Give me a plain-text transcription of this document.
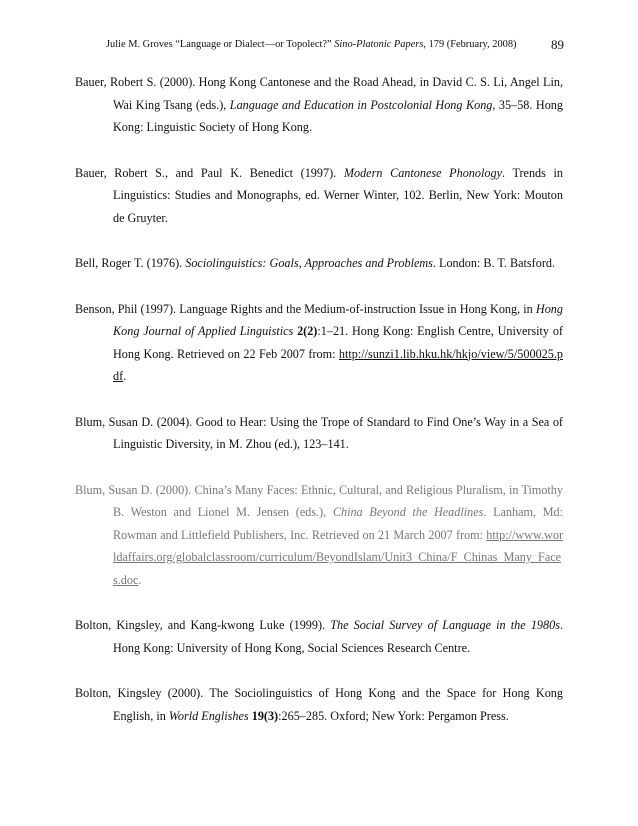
Julie M. Groves “Language or Dialect—or Topolect?” Sino-Platonic Papers, 179 (February, 2008)	89

Bauer, Robert S. (2000). Hong Kong Cantonese and the Road Ahead, in David C. S. Li, Angel Lin, Wai King Tsang (eds.), Language and Education in Postcolonial Hong Kong, 35–58. Hong Kong: Linguistic Society of Hong Kong.

Bauer, Robert S., and Paul K. Benedict (1997). Modern Cantonese Phonology. Trends in Linguistics: Studies and Monographs, ed. Werner Winter, 102. Berlin, New York: Mouton de Gruyter.

Bell, Roger T. (1976). Sociolinguistics: Goals, Approaches and Problems. London: B. T. Batsford.

Benson, Phil (1997). Language Rights and the Medium-of-instruction Issue in Hong Kong, in Hong Kong Journal of Applied Linguistics 2(2):1–21. Hong Kong: English Centre, University of Hong Kong. Retrieved on 22 Feb 2007 from: http://sunzi1.lib.hku.hk/hkjo/view/5/500025.pdf.

Blum, Susan D. (2004). Good to Hear: Using the Trope of Standard to Find One’s Way in a Sea of Linguistic Diversity, in M. Zhou (ed.), 123–141.

Blum, Susan D. (2000). China’s Many Faces: Ethnic, Cultural, and Religious Pluralism, in Timothy B. Weston and Lionel M. Jensen (eds.), China Beyond the Headlines. Lanham, Md: Rowman and Littlefield Publishers, Inc. Retrieved on 21 March 2007 from: http://www.worldaffairs.org/globalclassroom/curriculum/BeyondIslam/Unit3_China/F_Chinas_Many_Faces.doc.

Bolton, Kingsley, and Kang-kwong Luke (1999). The Social Survey of Language in the 1980s. Hong Kong: University of Hong Kong, Social Sciences Research Centre.

Bolton, Kingsley (2000). The Sociolinguistics of Hong Kong and the Space for Hong Kong English, in World Englishes 19(3):265–285. Oxford; New York: Pergamon Press.
